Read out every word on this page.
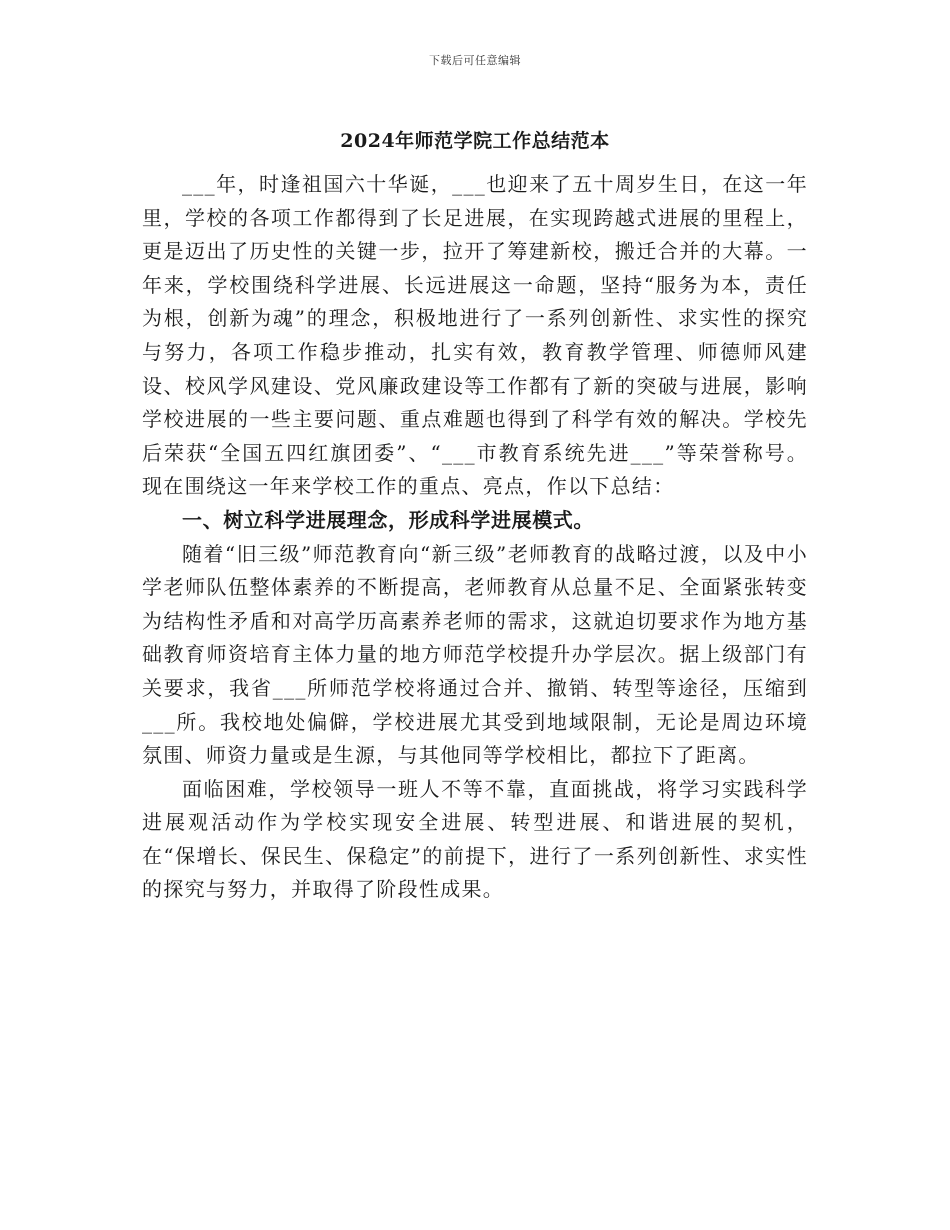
下载后可任意编辑
2024年师范学院工作总结范本

___年，时逢祖国六十华诞，___也迎来了五十周岁生日，在这一年里，学校的各项工作都得到了长足进展，在实现跨越式进展的里程上，更是迈出了历史性的关键一步，拉开了筹建新校，搬迁合并的大幕。一年来，学校围绕科学进展、长远进展这一命题，坚持“服务为本，责任为根，创新为魂”的理念，积极地进行了一系列创新性、求实性的探究与努力，各项工作稳步推动，扎实有效，教育教学管理、师德师风建设、校风学风建设、党风廉政建设等工作都有了新的突破与进展，影响学校进展的一些主要问题、重点难题也得到了科学有效的解决。学校先后荣获“全国五四红旗团委”、“___市教育系统先进___”等荣誉称号。现在围绕这一年来学校工作的重点、亮点，作以下总结：

一、树立科学进展理念，形成科学进展模式。

随着“旧三级”师范教育向“新三级”老师教育的战略过渡，以及中小学老师队伍整体素养的不断提高，老师教育从总量不足、全面紧张转变为结构性矛盾和对高学历高素养老师的需求，这就迫切要求作为地方基础教育师资培育主体力量的地方师范学校提升办学层次。据上级部门有关要求，我省___所师范学校将通过合并、撤销、转型等途径，压缩到___所。我校地处偏僻，学校进展尤其受到地域限制，无论是周边环境氛围、师资力量或是生源，与其他同等学校相比，都拉下了距离。

面临困难，学校领导一班人不等不靠，直面挑战，将学习实践科学进展观活动作为学校实现安全进展、转型进展、和谐进展的契机，在“保增长、保民生、保稳定”的前提下，进行了一系列创新性、求实性的探究与努力，并取得了阶段性成果。
